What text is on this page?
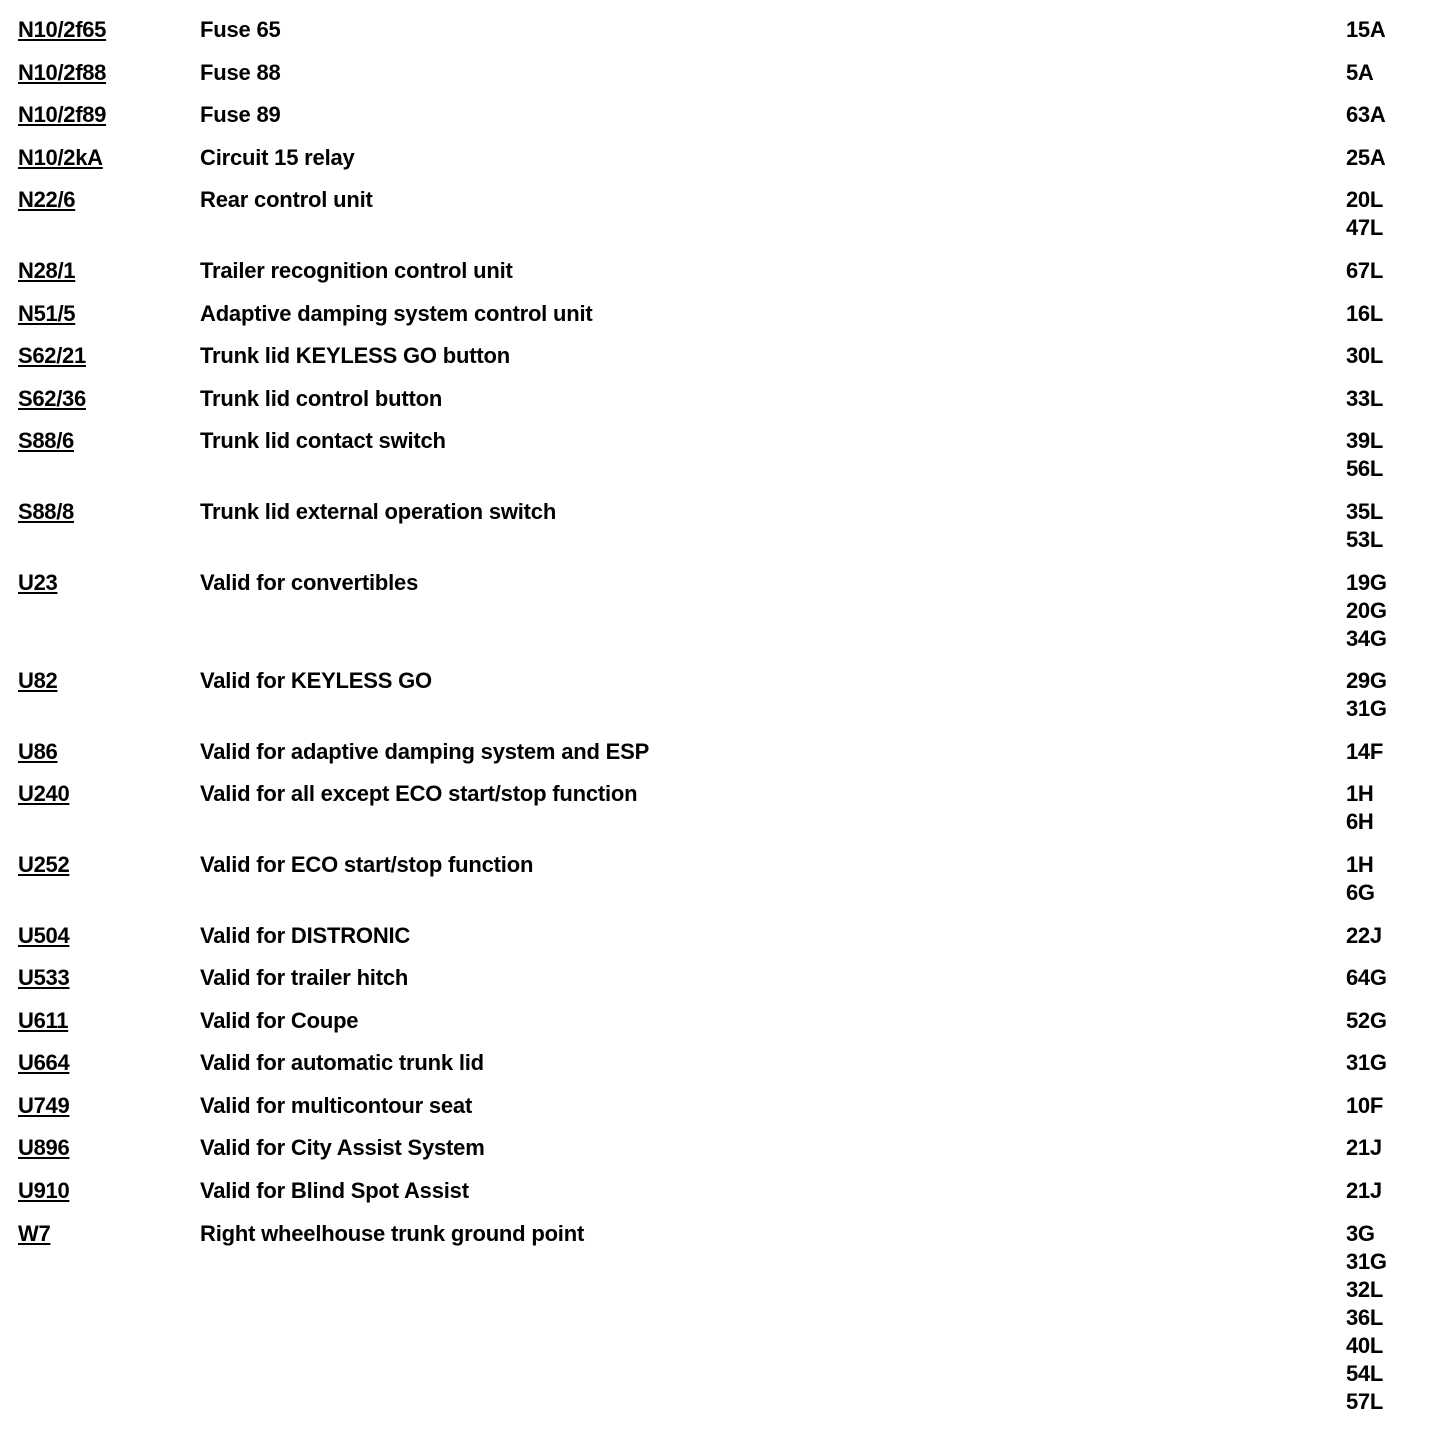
N10/2f65	Fuse 65	15A
N10/2f88	Fuse 88	5A
N10/2f89	Fuse 89	63A
N10/2kA	Circuit 15 relay	25A
N22/6	Rear control unit	20L
47L
N28/1	Trailer recognition control unit	67L
N51/5	Adaptive damping system control unit	16L
S62/21	Trunk lid KEYLESS GO button	30L
S62/36	Trunk lid control button	33L
S88/6	Trunk lid contact switch	39L
56L
S88/8	Trunk lid external operation switch	35L
53L
U23	Valid for convertibles	19G
20G
34G
U82	Valid for KEYLESS GO	29G
31G
U86	Valid for adaptive damping system and ESP	14F
U240	Valid for all except ECO start/stop function	1H
6H
U252	Valid for ECO start/stop function	1H
6G
U504	Valid for DISTRONIC	22J
U533	Valid for trailer hitch	64G
U611	Valid for Coupe	52G
U664	Valid for automatic trunk lid	31G
U749	Valid for multicontour seat	10F
U896	Valid for City Assist System	21J
U910	Valid for Blind Spot Assist	21J
W7	Right wheelhouse trunk ground point	3G
31G
32L
36L
40L
54L
57L
